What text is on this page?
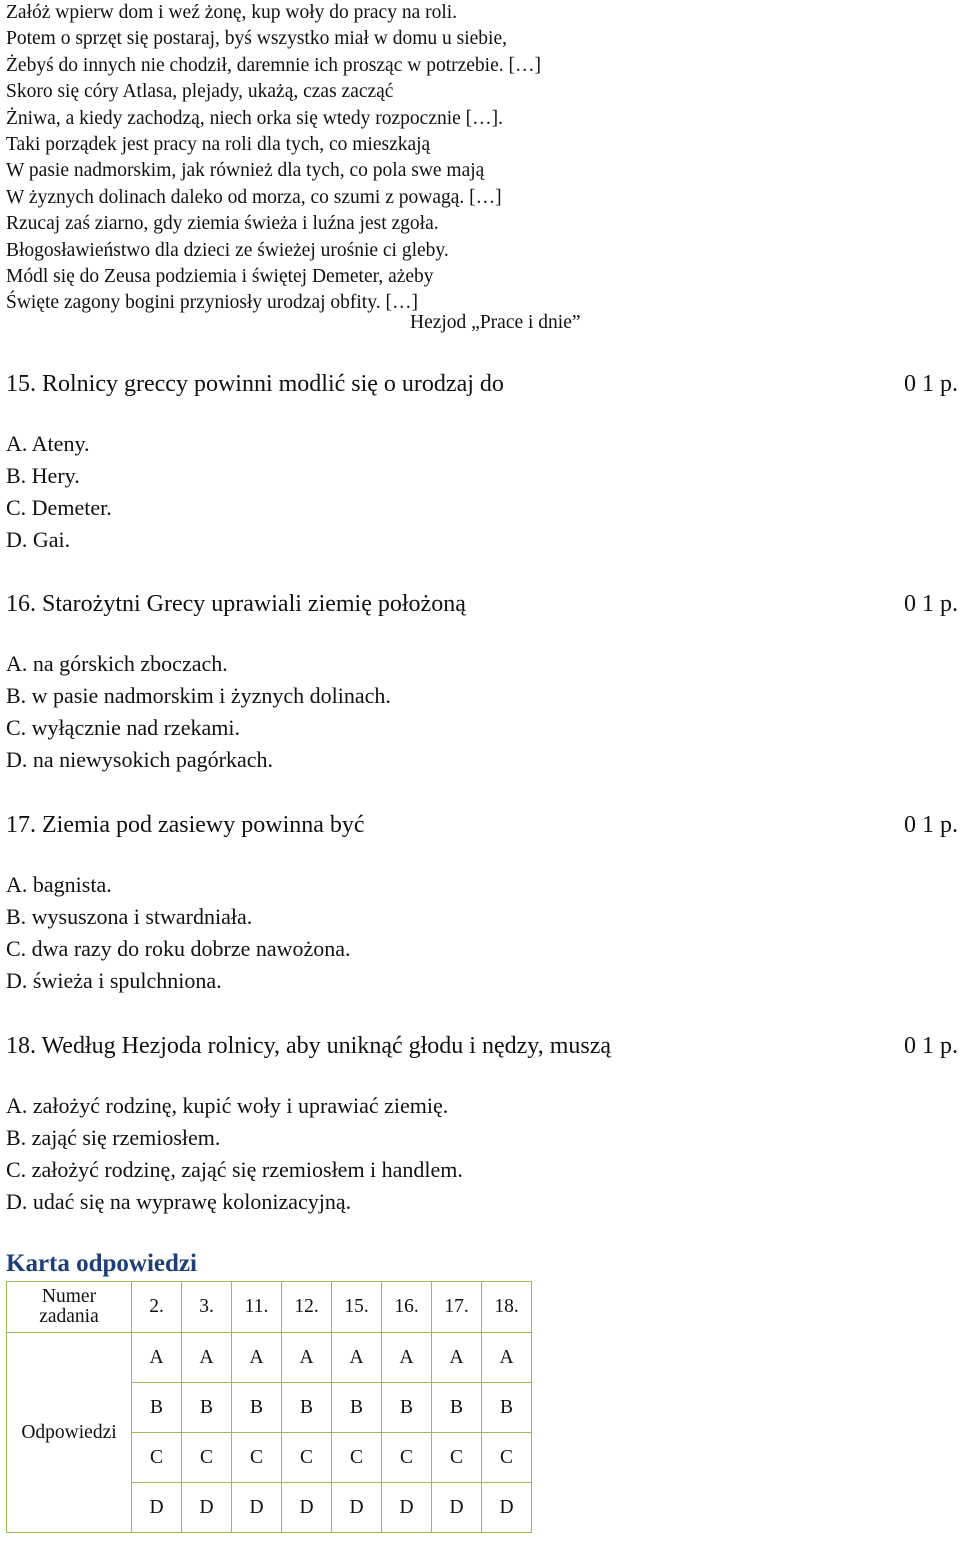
Załóż wpierw dom i weź żonę, kup woły do pracy na roli.
Potem o sprzęt się postaraj, byś wszystko miał w domu u siebie,
Żebyś do innych nie chodził, daremnie ich prosząc w potrzebie. […]
Skoro się córy Atlasa, plejady, ukażą, czas zacząć
Żniwa, a kiedy zachodzą, niech orka się wtedy rozpocznie […].
Taki porządek jest pracy na roli dla tych, co mieszkają
W pasie nadmorskim, jak również dla tych, co pola swe mają
W żyznych dolinach daleko od morza, co szumi z powagą. […]
Rzucaj zaś ziarno, gdy ziemia świeża i luźna jest zgoła.
Błogosławieństwo dla dzieci ze świeżej urośnie ci gleby.
Módl się do Zeusa podziemia i świętej Demeter, ażeby
Święte zagony bogini przyniosły urodzaj obfity. […]
Hezjod „Prace i dnie”
15. Rolnicy greccy powinni modlić się o urodzaj do	0 1 p.
A. Ateny.
B. Hery.
C. Demeter.
D. Gai.
16. Starożytni Grecy uprawiali ziemię położoną	0 1 p.
A. na górskich zboczach.
B. w pasie nadmorskim i żyznych dolinach.
C. wyłącznie nad rzekami.
D. na niewysokich pagórkach.
17. Ziemia pod zasiewy powinna być	0 1 p.
A. bagnista.
B. wysuszona i stwardniała.
C. dwa razy do roku dobrze nawożona.
D. świeża i spulchniona.
18. Według Hezjoda rolnicy, aby uniknąć głodu i nędzy, muszą	0 1 p.
A. założyć rodzinę, kupić woły i uprawiać ziemię.
B. zająć się rzemiosłem.
C. założyć rodzinę, zająć się rzemiosłem i handlem.
D. udać się na wyprawę kolonizacyjną.
Karta odpowiedzi
Numer
zadania	2.	3.	11.	12.	15.	16.	17.	18.
Odpowiedzi	A	A	A	A	A	A	A	A
	B	B	B	B	B	B	B	B
	C	C	C	C	C	C	C	C
	D	D	D	D	D	D	D	D
